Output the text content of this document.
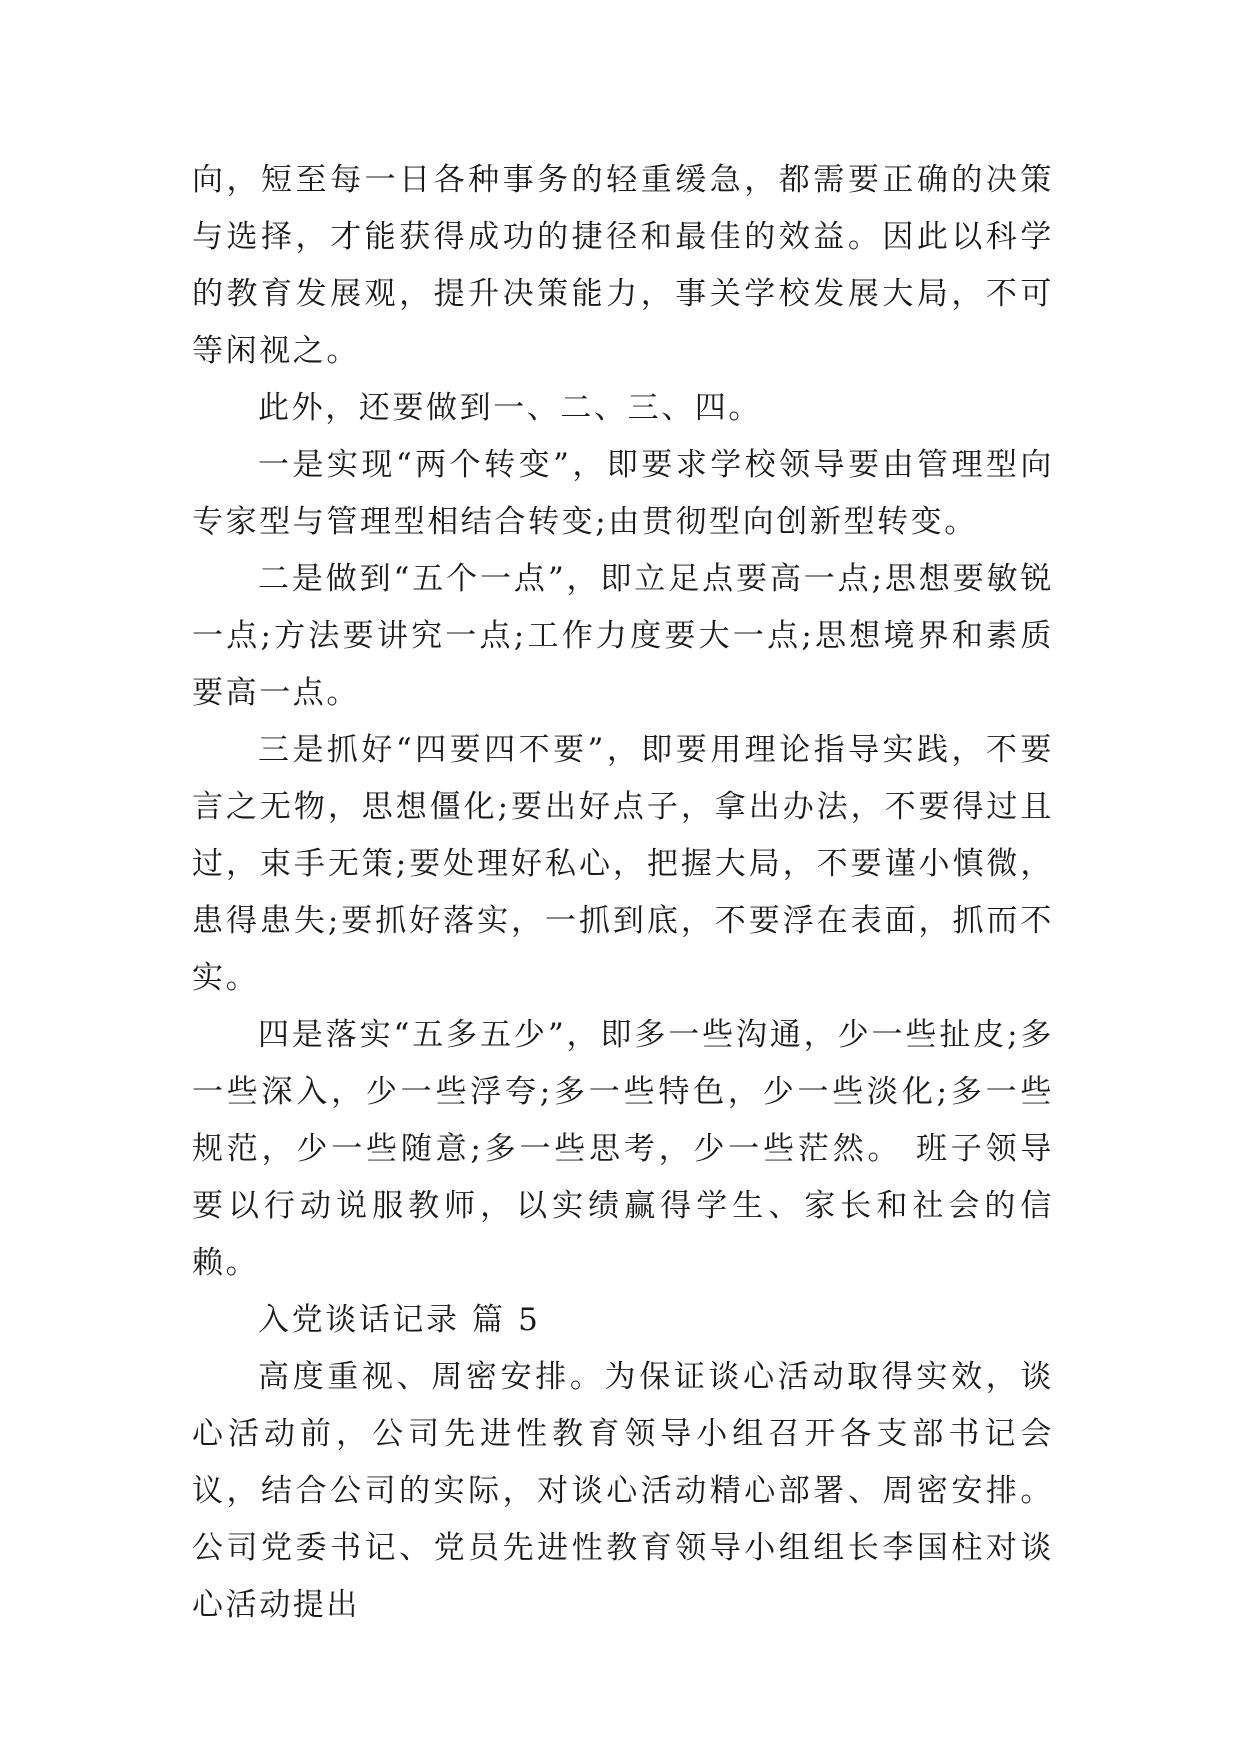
向，短至每一日各种事务的轻重缓急，都需要正确的决策与选择，才能获得成功的捷径和最佳的效益。因此以科学的教育发展观，提升决策能力，事关学校发展大局，不可等闲视之。

此外，还要做到一、二、三、四。

一是实现“两个转变”，即要求学校领导要由管理型向专家型与管理型相结合转变;由贯彻型向创新型转变。

二是做到“五个一点”，即立足点要高一点;思想要敏锐一点;方法要讲究一点;工作力度要大一点;思想境界和素质要高一点。

三是抓好“四要四不要”，即要用理论指导实践，不要言之无物，思想僵化;要出好点子，拿出办法，不要得过且过，束手无策;要处理好私心，把握大局，不要谨小慎微，患得患失;要抓好落实，一抓到底，不要浮在表面，抓而不实。

四是落实“五多五少”，即多一些沟通，少一些扯皮;多一些深入，少一些浮夸;多一些特色，少一些淡化;多一些规范，少一些随意;多一些思考，少一些茫然。 班子领导要以行动说服教师，以实绩赢得学生、家长和社会的信赖。

入党谈话记录 篇 5

高度重视、周密安排。为保证谈心活动取得实效，谈心活动前，公司先进性教育领导小组召开各支部书记会议，结合公司的实际，对谈心活动精心部署、周密安排。公司党委书记、党员先进性教育领导小组组长李国柱对谈心活动提出
